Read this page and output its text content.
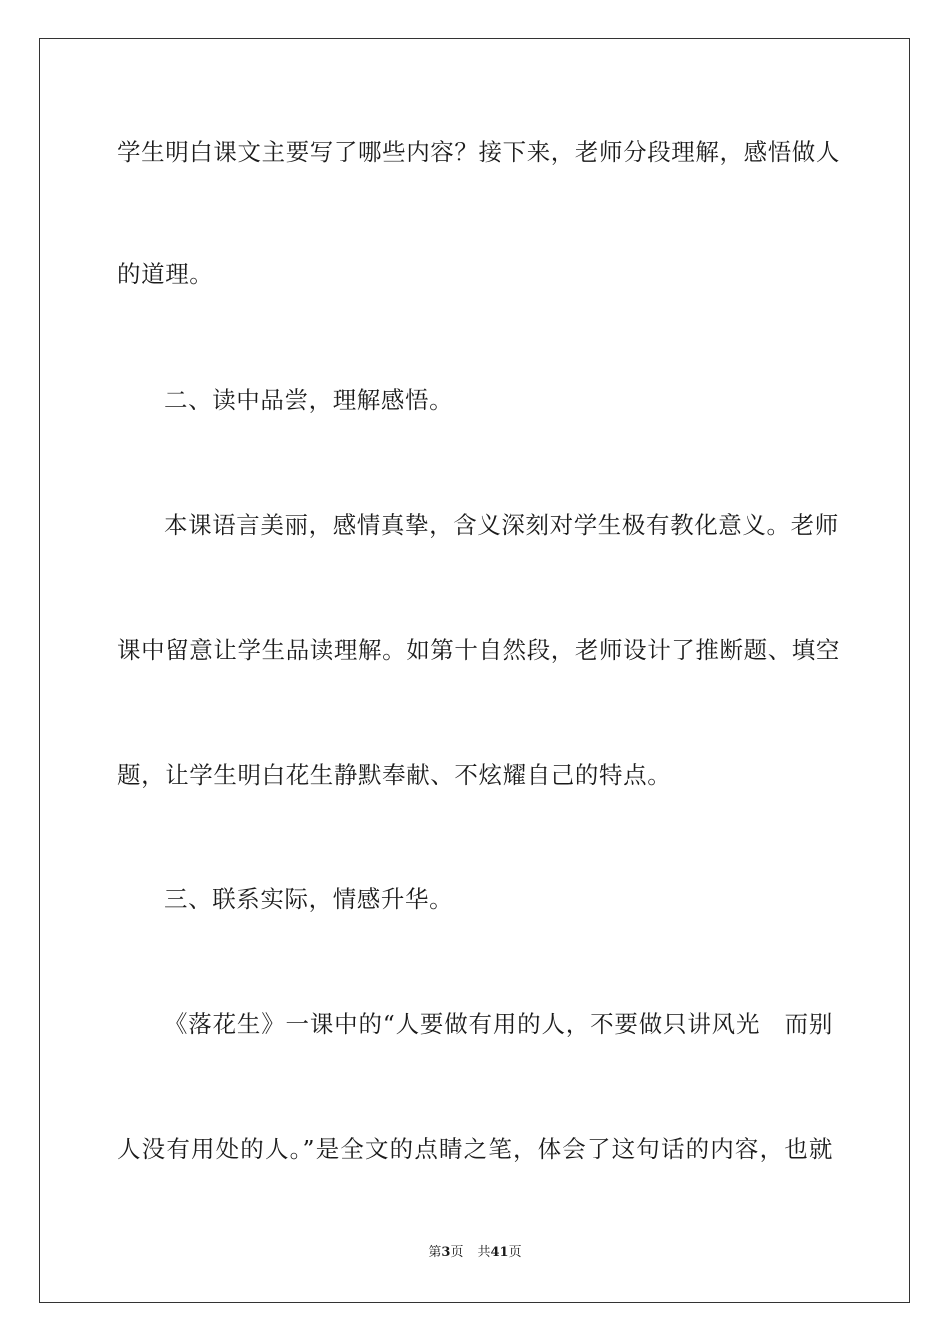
学生明白课文主要写了哪些内容？接下来，老师分段理解，感悟做人
的道理。
二、读中品尝，理解感悟。
本课语言美丽，感情真挚，含义深刻对学生极有教化意义。老师
课中留意让学生品读理解。如第十自然段，老师设计了推断题、填空
题，让学生明白花生静默奉献、不炫耀自己的特点。
三、联系实际，情感升华。
《落花生》一课中的“人要做有用的人，不要做只讲风光　而别
人没有用处的人。”是全文的点睛之笔，体会了这句话的内容，也就
第3页 共41页
